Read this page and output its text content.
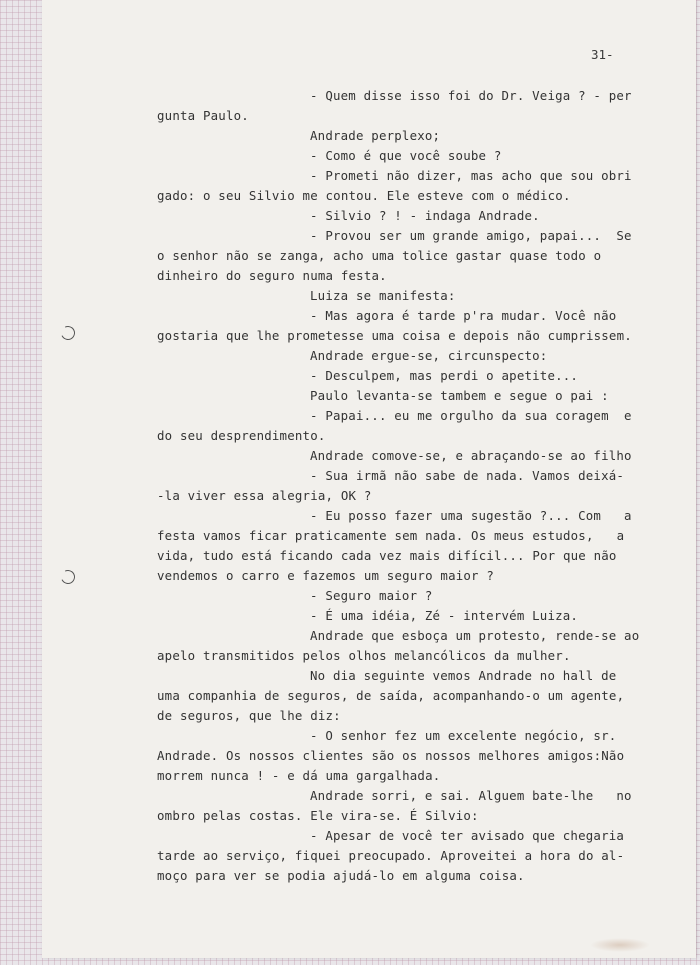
31-

- Quem disse isso foi do Dr. Veiga ? - per

gunta Paulo.

Andrade perplexo;

- Como é que você soube ?

- Prometi não dizer, mas acho que sou obri

gado: o seu Silvio me contou. Ele esteve com o médico.

- Silvio ? ! - indaga Andrade.

- Provou ser um grande amigo, papai...  Se

o senhor não se zanga, acho uma tolice gastar quase todo o

dinheiro do seguro numa festa.

Luiza se manifesta:

- Mas agora é tarde p'ra mudar. Você não

gostaria que lhe prometesse uma coisa e depois não cumprissem.

Andrade ergue-se, circunspecto:

- Desculpem, mas perdi o apetite...

Paulo levanta-se tambem e segue o pai :

- Papai... eu me orgulho da sua coragem  e

do seu desprendimento.

Andrade comove-se, e abraçando-se ao filho

- Sua irmã não sabe de nada. Vamos deixá-

-la viver essa alegria, OK ?

- Eu posso fazer uma sugestão ?... Com   a

festa vamos ficar praticamente sem nada. Os meus estudos,   a

vida, tudo está ficando cada vez mais difícil... Por que não

vendemos o carro e fazemos um seguro maior ?

- Seguro maior ?

- É uma idéia, Zé - intervém Luiza.

Andrade que esboça um protesto, rende-se ao

apelo transmitidos pelos olhos melancólicos da mulher.

No dia seguinte vemos Andrade no hall de

uma companhia de seguros, de saída, acompanhando-o um agente,

de seguros, que lhe diz:

- O senhor fez um excelente negócio, sr.

Andrade. Os nossos clientes são os nossos melhores amigos:Não

morrem nunca ! - e dá uma gargalhada.

Andrade sorri, e sai. Alguem bate-lhe   no

ombro pelas costas. Ele vira-se. É Silvio:

- Apesar de você ter avisado que chegaria

tarde ao serviço, fiquei preocupado. Aproveitei a hora do al-

moço para ver se podia ajudá-lo em alguma coisa.
